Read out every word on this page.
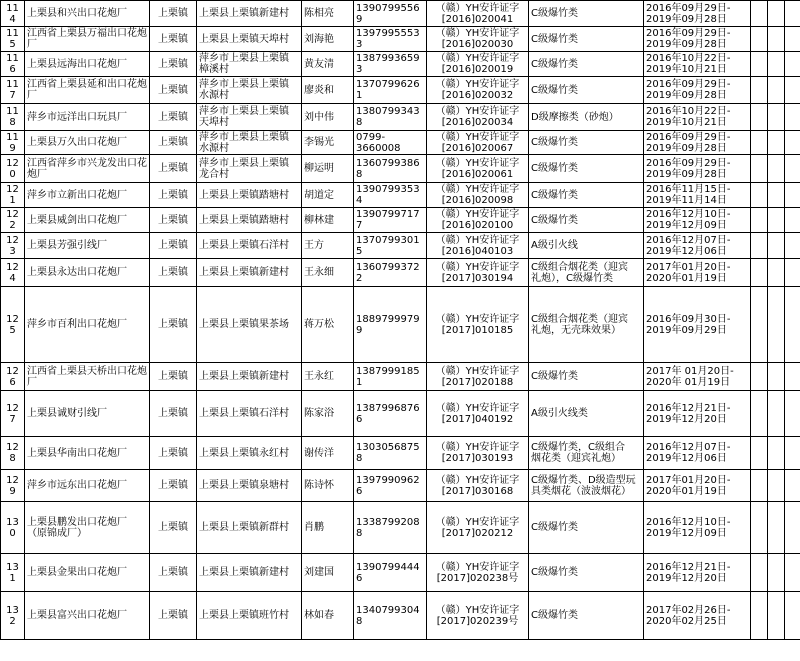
114	上栗县和兴出口花炮厂	上栗镇	上栗县上栗镇新建村	陈相亮	13907995569	（赣）YH安许证字
[2016]020041	C级爆竹类	2016年09月29日-
2019年09月28日			
115	江西省上栗县万福出口花炮厂	上栗镇	上栗县上栗镇天埠村	刘海艳	13979955533	（赣）YH安许证字
[2016]020030	C级爆竹类	2016年09月29日-
2019年09月28日			
116	上栗县远海出口花炮厂	上栗镇	萍乡市上栗县上栗镇
樟溪村	黄友清	13879936593	（赣）YH安许证字
[2016]020019	C级爆竹类	2016年10月22日-
2019年10月21日			
117	江西省上栗县延和出口花炮厂	上栗镇	萍乡市上栗县上栗镇
水源村	廖炎和	13707996261	（赣）YH安许证字
[2016]020032	C级爆竹类	2016年09月29日-
2019年09月28日			
118	萍乡市远洋出口玩具厂	上栗镇	萍乡市上栗县上栗镇
天埠村	刘中伟	13807993438	（赣）YH安许证字
[2016]020034	D级摩擦类（砂炮）	2016年10月22日-
2019年10月21日			
119	上栗县万久出口花炮厂	上栗镇	萍乡市上栗县上栗镇
水源村	李锡光	0799-
3660008	（赣）YH安许证字
[2016]020067	C级爆竹类	2016年09月29日-
2019年09月28日			
120	江西省萍乡市兴龙发出口花炮厂	上栗镇	萍乡市上栗县上栗镇
龙合村	柳运明	13607993868	（赣）YH安许证字
[2016]020061	C级爆竹类	2016年09月29日-
2019年09月28日			
121	萍乡市立新出口花炮厂	上栗镇	上栗县上栗镇踏塘村	胡道定	13907993534	（赣）YH安许证字
[2016]020098	C级爆竹类	2016年11月15日-
2019年11月14日			
122	上栗县威剑出口花炮厂	上栗镇	上栗县上栗镇踏塘村	柳林建	13907997177	（赣）YH安许证字
[2016]020100	C级爆竹类	2016年12月10日-
2019年12月09日			
123	上栗县芳强引线厂	上栗镇	上栗县上栗镇石洋村	王方	13707993015	（赣）YH安许证字
[2016]040103	A级引火线	2016年12月07日-
2019年12月06日			
124	上栗县永达出口花炮厂	上栗镇	上栗县上栗镇新建村	王永细	13607993722	（赣）YH安许证字
[2017]030194	C级组合烟花类（迎宾
礼炮），C级爆竹类	2017年01月20日-
2020年01月19日			
125	萍乡市百利出口花炮厂	上栗镇	上栗县上栗镇果茶场	蒋万松	18897999799	（赣）YH安许证字
[2017]010185	C级组合烟花类（迎宾
礼炮，无壳珠效果）	2016年09月30日-
2019年09月29日			
126	江西省上栗县天桥出口花炮厂	上栗镇	上栗县上栗镇新建村	王永红	13879991851	（赣）YH安许证字
[2017]020188	C级爆竹类	2017年 01月20日-
2020年 01月19日			
127	上栗县诚财引线厂	上栗镇	上栗县上栗镇石洋村	陈家浴	13879968766	（赣）YH安许证字
[2017]040192	A级引火线类	2016年12月21日-
2019年12月20日			
128	上栗县华南出口花炮厂	上栗镇	上栗县上栗镇永红村	谢传洋	13030568758	（赣）YH安许证字
[2017]030193	C级爆竹类，C级组合
烟花类（迎宾礼炮）	2016年12月07日-
2019年12月06日			
129	萍乡市远东出口花炮厂	上栗镇	上栗县上栗镇泉塘村	陈诗怀	13979909626	（赣）YH安许证字
[2017]030168	C级爆竹类、D级造型玩
具类烟花（波波烟花）	2017年01月20日-
2020年01月19日			
130	上栗县鹏发出口花炮厂
（原锦成厂）	上栗镇	上栗县上栗镇新群村	肖鹏	13387992088	（赣）YH安许证字
[2017]020212	C级爆竹类	2016年12月10日-
2019年12月09日			
131	上栗县金果出口花炮厂	上栗镇	上栗县上栗镇新建村	刘建国	13907994446	（赣）YH安许证字
[2017]020238号	C级爆竹类	2016年12月21日-
2019年12月20日			
132	上栗县富兴出口花炮厂	上栗镇	上栗县上栗镇班竹村	林如春	13407993048	（赣）YH安许证字
[2017]020239号	C级爆竹类	2017年02月26日-
2020年02月25日			
